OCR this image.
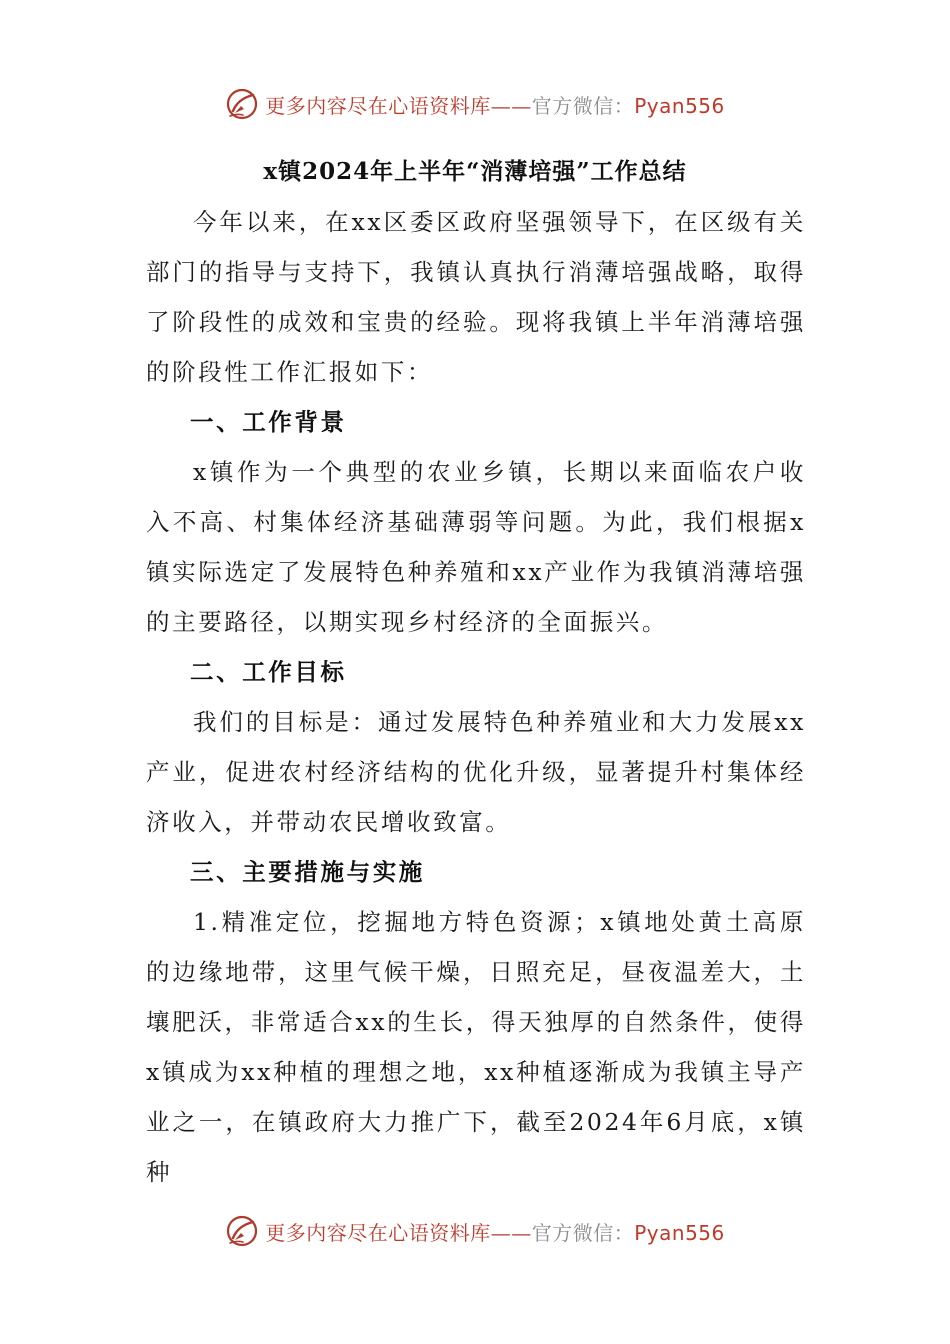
更多内容尽在心语资料库——官方微信：Pyan556
x镇2024年上半年“消薄培强”工作总结

今年以来，在xx区委区政府坚强领导下，在区级有关部门的指导与支持下，我镇认真执行消薄培强战略，取得了阶段性的成效和宝贵的经验。现将我镇上半年消薄培强的阶段性工作汇报如下：

一、工作背景

x镇作为一个典型的农业乡镇，长期以来面临农户收入不高、村集体经济基础薄弱等问题。为此，我们根据x镇实际选定了发展特色种养殖和xx产业作为我镇消薄培强的主要路径，以期实现乡村经济的全面振兴。

二、工作目标

我们的目标是：通过发展特色种养殖业和大力发展xx产业，促进农村经济结构的优化升级，显著提升村集体经济收入，并带动农民增收致富。

三、主要措施与实施

1.精准定位，挖掘地方特色资源；x镇地处黄土高原的边缘地带，这里气候干燥，日照充足，昼夜温差大，土壤肥沃，非常适合xx的生长，得天独厚的自然条件，使得x镇成为xx种植的理想之地，xx种植逐渐成为我镇主导产业之一，在镇政府大力推广下，截至2024年6月底，x镇种

更多内容尽在心语资料库——官方微信：Pyan556
